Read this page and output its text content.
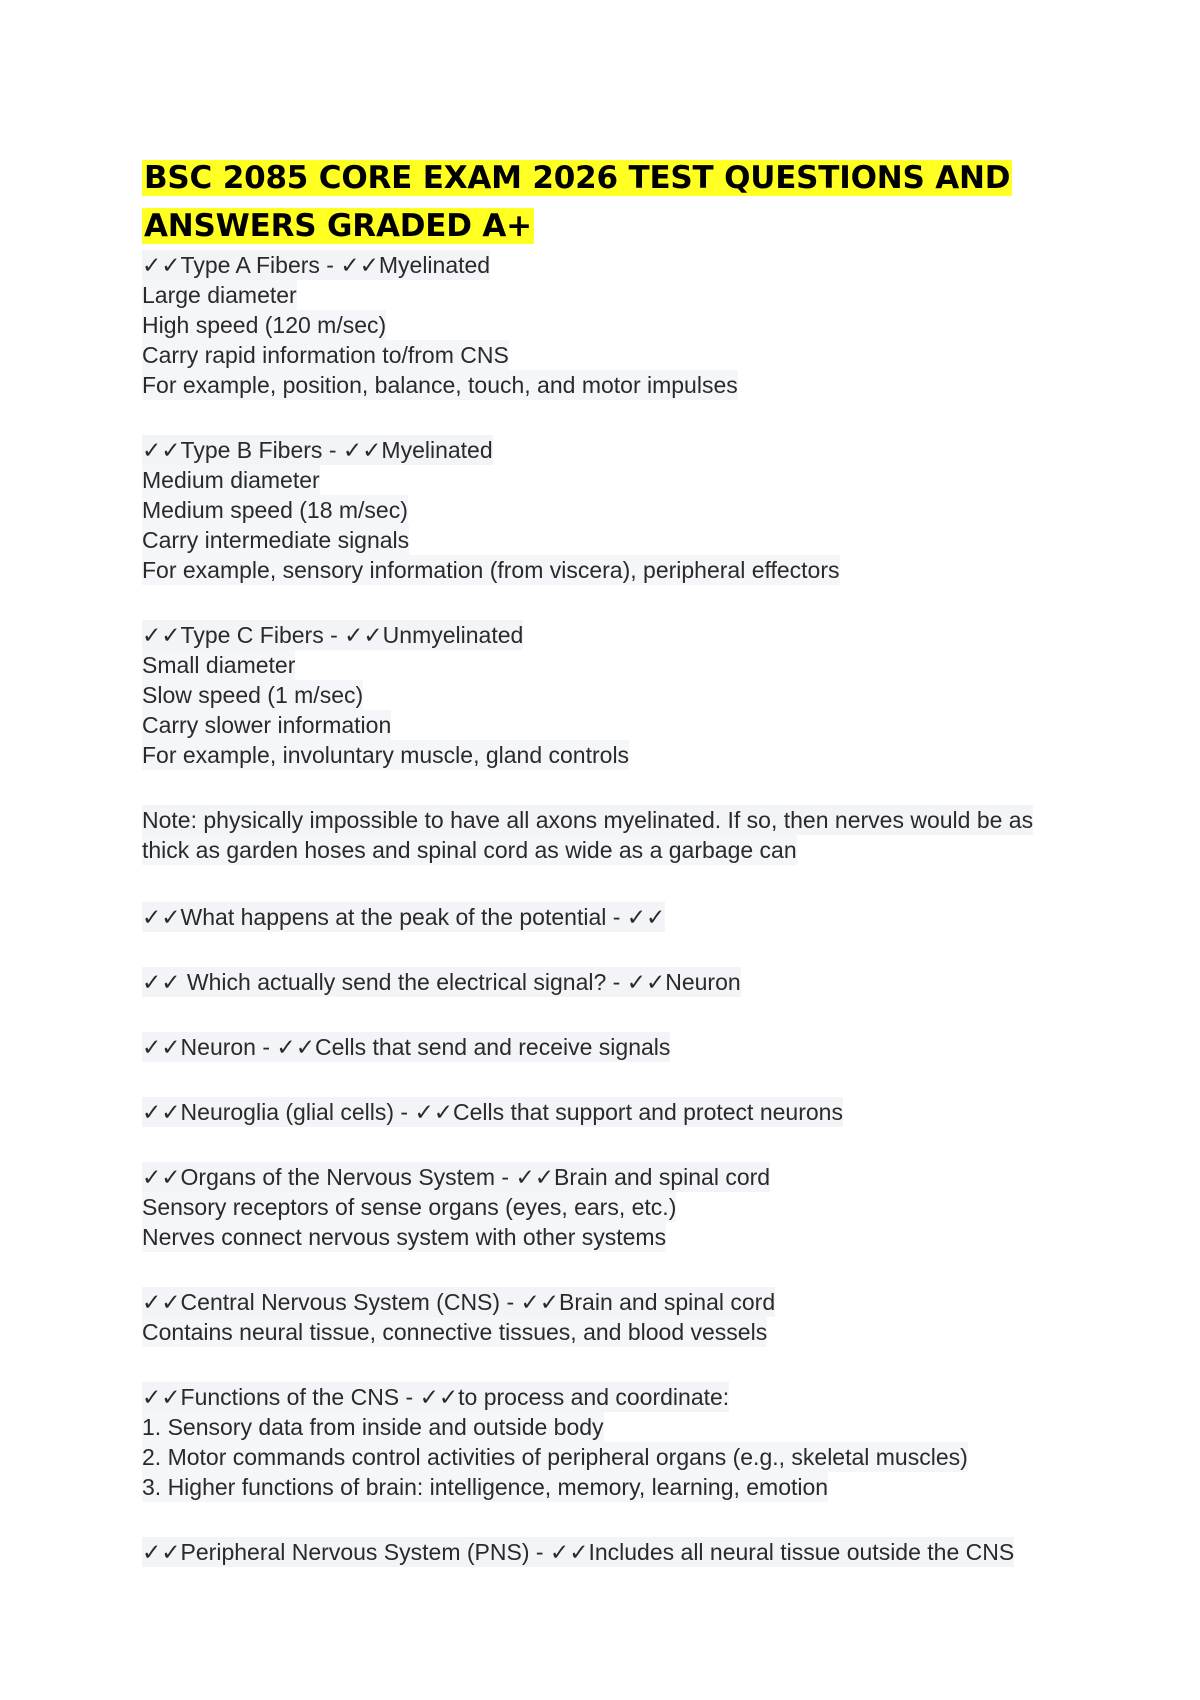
BSC 2085 CORE EXAM 2026 TEST QUESTIONS AND
ANSWERS GRADED A+
✓✓Type A Fibers - ✓✓Myelinated
Large diameter
High speed (120 m/sec)
Carry rapid information to/from CNS
For example, position, balance, touch, and motor impulses
✓✓Type B Fibers - ✓✓Myelinated
Medium diameter
Medium speed (18 m/sec)
Carry intermediate signals
For example, sensory information (from viscera), peripheral effectors
✓✓Type C Fibers - ✓✓Unmyelinated
Small diameter
Slow speed (1 m/sec)
Carry slower information
For example, involuntary muscle, gland controls
Note: physically impossible to have all axons myelinated. If so, then nerves would be as
thick as garden hoses and spinal cord as wide as a garbage can
✓✓What happens at the peak of the potential - ✓✓
✓✓ Which actually send the electrical signal? - ✓✓Neuron
✓✓Neuron - ✓✓Cells that send and receive signals
✓✓Neuroglia (glial cells) - ✓✓Cells that support and protect neurons
✓✓Organs of the Nervous System - ✓✓Brain and spinal cord
Sensory receptors of sense organs (eyes, ears, etc.)
Nerves connect nervous system with other systems
✓✓Central Nervous System (CNS) - ✓✓Brain and spinal cord
Contains neural tissue, connective tissues, and blood vessels
✓✓Functions of the CNS - ✓✓to process and coordinate:
1. Sensory data from inside and outside body
2. Motor commands control activities of peripheral organs (e.g., skeletal muscles)
3. Higher functions of brain: intelligence, memory, learning, emotion
✓✓Peripheral Nervous System (PNS) - ✓✓Includes all neural tissue outside the CNS
